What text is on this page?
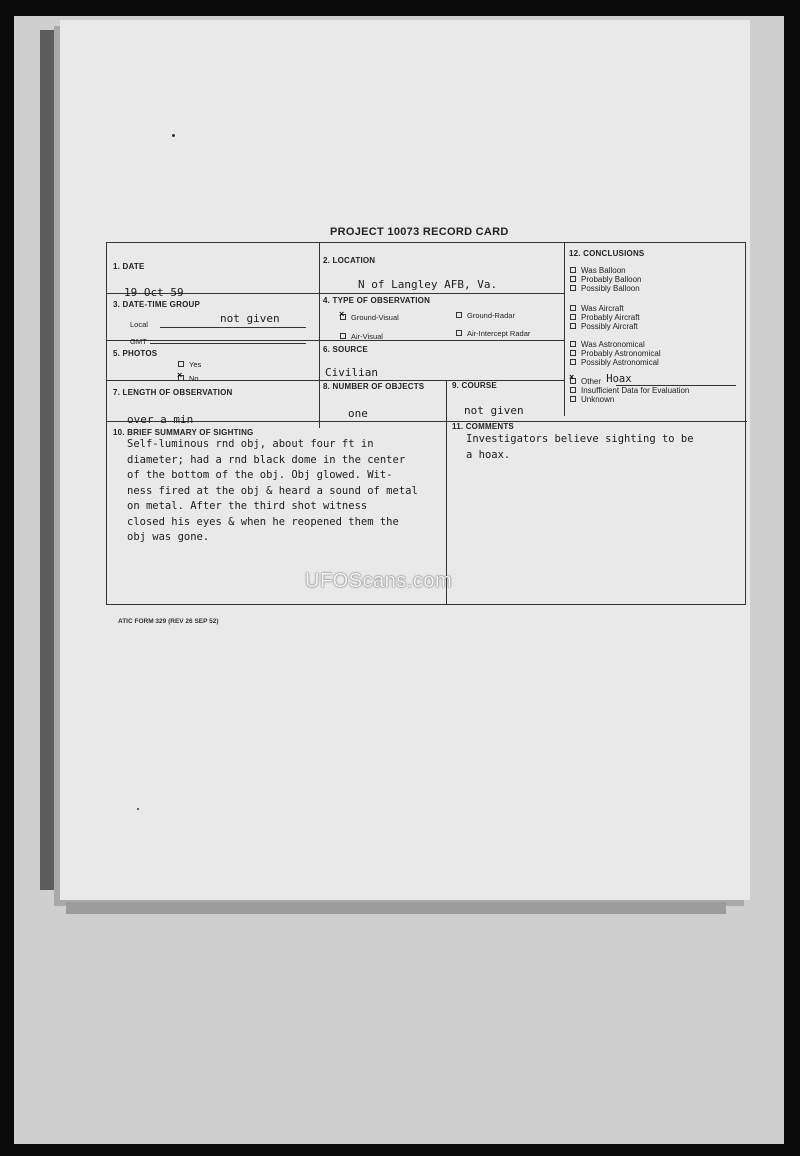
PROJECT 10073 RECORD CARD
1. DATE
19 Oct 59
2. LOCATION
N of Langley AFB, Va.
3. DATE-TIME GROUP
Local	not given
GMT
4. TYPE OF OBSERVATION
×Ground-Visual	Ground-Radar
Air-Visual	Air-Intercept Radar
5. PHOTOS
Yes
×No
6. SOURCE
Civilian
7. LENGTH OF OBSERVATION
over a min
8. NUMBER OF OBJECTS
one
9. COURSE
not given
10. BRIEF SUMMARY OF SIGHTING
Self-luminous rnd obj, about four ft in
diameter; had a rnd black dome in the center
of the bottom of the obj. Obj glowed. Wit-
ness fired at the obj & heard a sound of metal
on metal. After the third shot witness
closed his eyes & when he reopened them the
obj was gone.
11. COMMENTS
Investigators believe sighting to be
a hoax.
12. CONCLUSIONS
Was Balloon
Probably Balloon
Possibly Balloon
Was Aircraft
Probably Aircraft
Possibly Aircraft
Was Astronomical
Probably Astronomical
Possibly Astronomical
×Other Hoax
Insufficient Data for Evaluation
Unknown
UFOScans.com
ATIC FORM 329 (REV 26 SEP 52)
